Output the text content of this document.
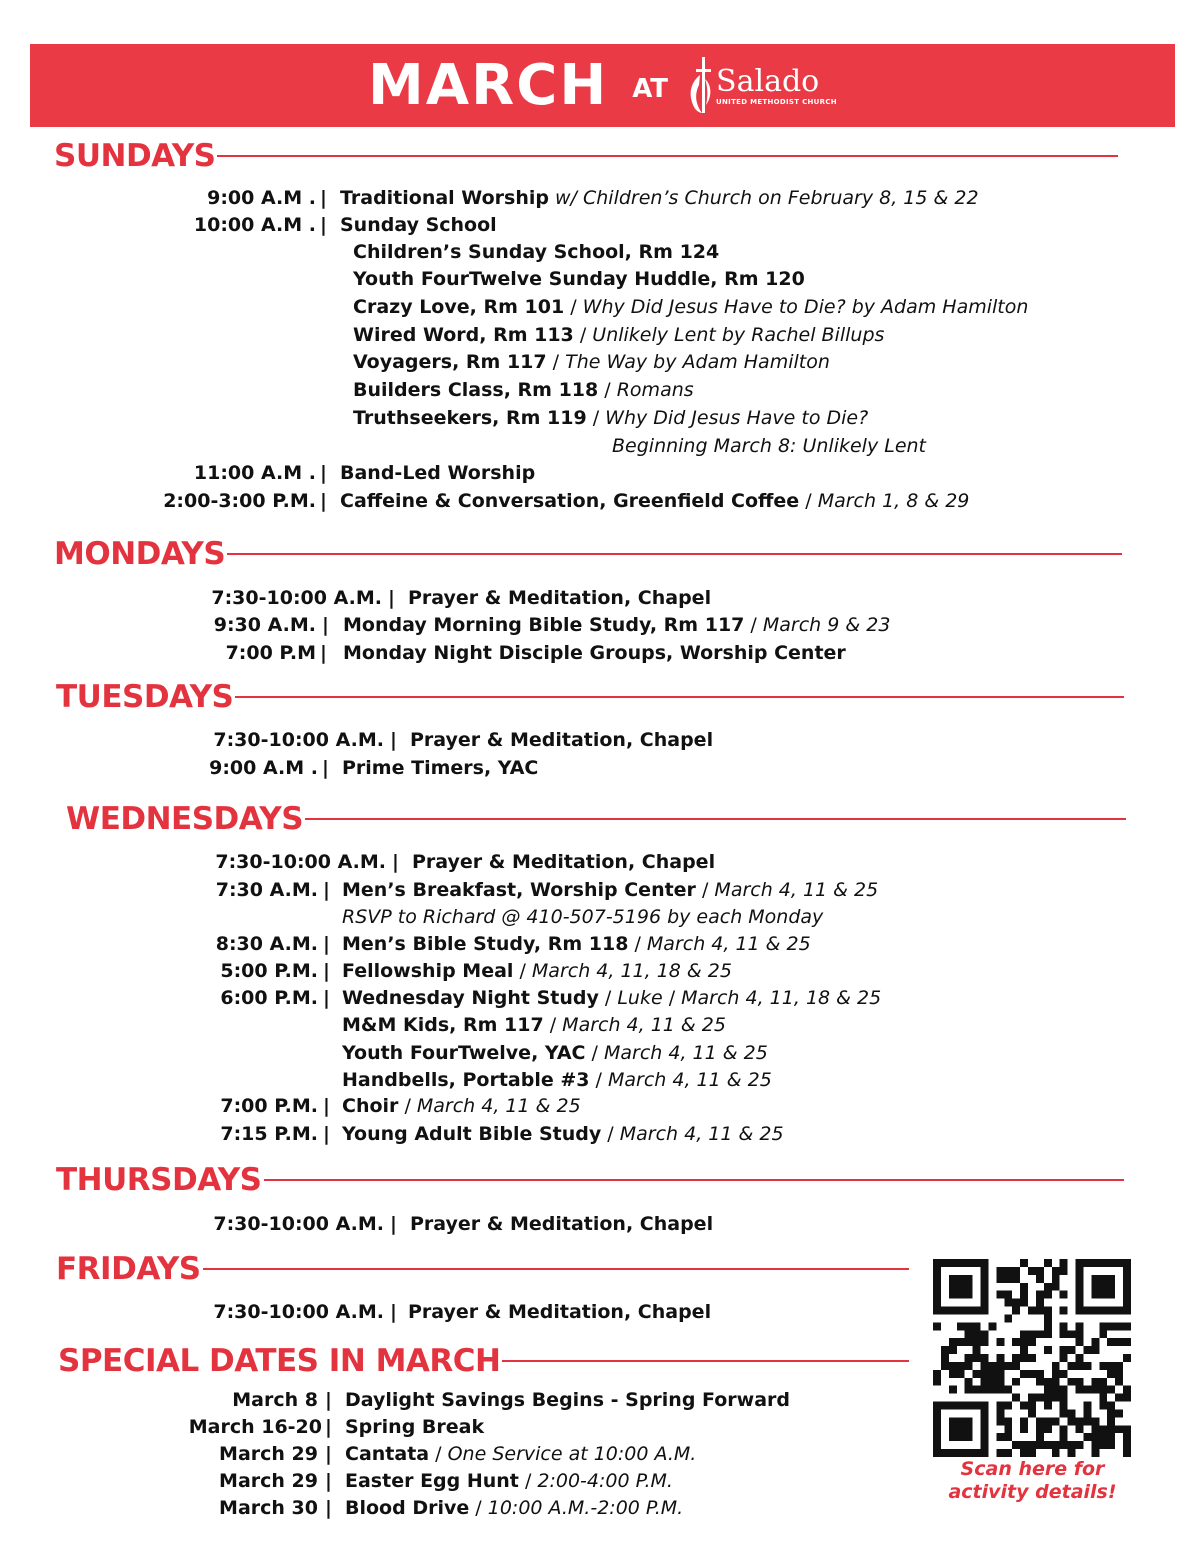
MARCH AT Salado
UNITED METHODIST CHURCH
SUNDAYS
9:00 A.M . | Traditional Worship w/ Children’s Church on February 8, 15 & 22
10:00 A.M . | Sunday School
Children’s Sunday School, Rm 124
Youth FourTwelve Sunday Huddle, Rm 120
Crazy Love, Rm 101 / Why Did Jesus Have to Die? by Adam Hamilton
Wired Word, Rm 113 / Unlikely Lent by Rachel Billups
Voyagers, Rm 117 / The Way by Adam Hamilton
Builders Class, Rm 118 / Romans
Truthseekers, Rm 119 / Why Did Jesus Have to Die?
Beginning March 8: Unlikely Lent
11:00 A.M . | Band-Led Worship
2:00-3:00 P.M. | Caffeine & Conversation, Greenfield Coffee / March 1, 8 & 29
MONDAYS
7:30-10:00 A.M. | Prayer & Meditation, Chapel
9:30 A.M. | Monday Morning Bible Study, Rm 117 / March 9 & 23
7:00 P.M | Monday Night Disciple Groups, Worship Center
TUESDAYS
7:30-10:00 A.M. | Prayer & Meditation, Chapel
9:00 A.M . | Prime Timers, YAC
WEDNESDAYS
7:30-10:00 A.M. | Prayer & Meditation, Chapel
7:30 A.M. | Men’s Breakfast, Worship Center / March 4, 11 & 25
RSVP to Richard @ 410-507-5196 by each Monday
8:30 A.M. | Men’s Bible Study, Rm 118 / March 4, 11 & 25
5:00 P.M. | Fellowship Meal / March 4, 11, 18 & 25
6:00 P.M. | Wednesday Night Study / Luke / March 4, 11, 18 & 25
M&M Kids, Rm 117 / March 4, 11 & 25
Youth FourTwelve, YAC / March 4, 11 & 25
Handbells, Portable #3 / March 4, 11 & 25
7:00 P.M. | Choir / March 4, 11 & 25
7:15 P.M. | Young Adult Bible Study / March 4, 11 & 25
THURSDAYS
7:30-10:00 A.M. | Prayer & Meditation, Chapel
FRIDAYS
7:30-10:00 A.M. | Prayer & Meditation, Chapel
SPECIAL DATES IN MARCH
March 8 | Daylight Savings Begins - Spring Forward
March 16-20 | Spring Break
March 29 | Cantata / One Service at 10:00 A.M.
March 29 | Easter Egg Hunt / 2:00-4:00 P.M.
March 30 | Blood Drive / 10:00 A.M.-2:00 P.M.
Scan here for
activity details!
